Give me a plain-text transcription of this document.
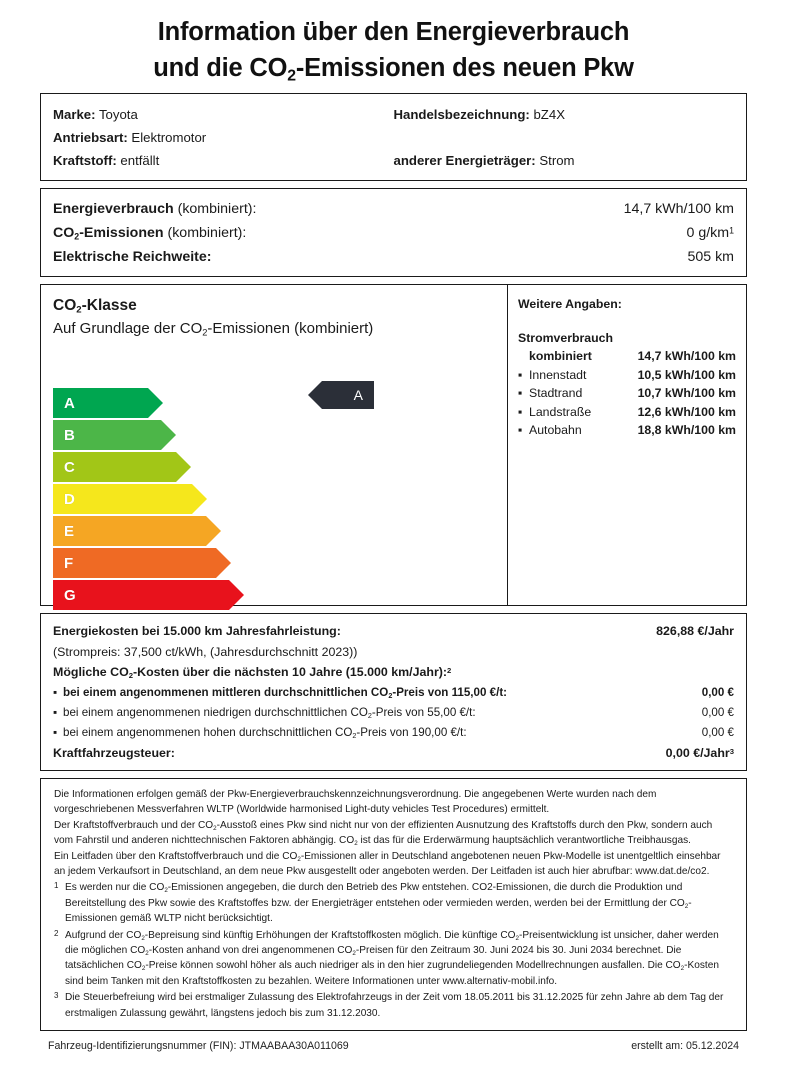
Information über den Energieverbrauch
und die $CO_2$-Emissionen des neuen Pkw
Marke: Toyota	Handelsbezeichnung: bZ4X
Antriebsart: Elektromotor
Kraftstoff: entfällt	anderer Energieträger: Strom
Energieverbrauch (kombiniert):	14,7 kWh/100 km
$CO_2$-Emissionen (kombiniert):	0 $g/km^1$
Elektrische Reichweite:	505 km
$CO_2$-Klasse
Auf Grundlage der $CO_2$-Emissionen (kombiniert)
A
B
C
D
E
F
G
Weitere Angaben:
Stromverbrauch
kombiniert	14,7 kWh/100 km
▪ Innenstadt	10,5 kWh/100 km
▪ Stadtrand	10,7 kWh/100 km
▪ Landstraße	12,6 kWh/100 km
▪ Autobahn	18,8 kWh/100 km
A
Energiekosten bei 15.000 km Jahresfahrleistung:	826,88 €/Jahr
(Strompreis: 37,500 ct/kWh, (Jahresdurchschnitt 2023))
Mögliche $CO_2$-Kosten über die nächsten 10 Jahre (15.000 km/Jahr):$^2$
▪ bei einem angenommenen mittleren durchschnittlichen $CO_2$-Preis von 115,00 €/t:	0,00 €
▪ bei einem angenommenen niedrigen durchschnittlichen $CO_2$-Preis von 55,00 €/t:	0,00 €
▪ bei einem angenommenen hohen durchschnittlichen $CO_2$-Preis von 190,00 €/t:	0,00 €
Kraftfahrzeugsteuer:	0,00 €/Jahr$^3$

Die Informationen erfolgen gemäß der Pkw-Energieverbrauchskennzeichnungsverordnung. Die angegebenen Werte wurden nach dem vorgeschriebenen Messverfahren WLTP (Worldwide harmonised Light-duty vehicles Test Procedures) ermittelt.

Der Kraftstoffverbrauch und der $CO_2$-Ausstoß eines Pkw sind nicht nur von der effizienten Ausnutzung des Kraftstoffs durch den Pkw, sondern auch vom Fahrstil und anderen nichttechnischen Faktoren abhängig. $CO_2$ ist das für die Erderwärmung hauptsächlich verantwortliche Treibhausgas.

Ein Leitfaden über den Kraftstoffverbrauch und die $CO_2$-Emissionen aller in Deutschland angebotenen neuen Pkw-Modelle ist unentgeltlich einsehbar an jedem Verkaufsort in Deutschland, an dem neue Pkw ausgestellt oder angeboten werden. Der Leitfaden ist auch hier abrufbar: www.dat.de/co2.

1 Es werden nur die $CO_2$-Emissionen angegeben, die durch den Betrieb des Pkw entstehen. CO2-Emissionen, die durch die Produktion und Bereitstellung des Pkw sowie des Kraftstoffes bzw. der Energieträger entstehen oder vermieden werden, werden bei der Ermittlung der $CO_2$-Emissionen gemäß WLTP nicht berücksichtigt.
2 Aufgrund der $CO_2$-Bepreisung sind künftig Erhöhungen der Kraftstoffkosten möglich. Die künftige $CO_2$-Preisentwicklung ist unsicher, daher werden die möglichen $CO_2$-Kosten anhand von drei angenommenen $CO_2$-Preisen für den Zeitraum 30. Juni 2024 bis 30. Juni 2034 berechnet. Die tatsächlichen $CO_2$-Preise können sowohl höher als auch niedriger als in den hier zugrundeliegenden Modellrechnungen ausfallen. Die $CO_2$-Kosten sind beim Tanken mit den Kraftstoffkosten zu bezahlen. Weitere Informationen unter www.alternativ-mobil.info.
3 Die Steuerbefreiung wird bei erstmaliger Zulassung des Elektrofahrzeugs in der Zeit vom 18.05.2011 bis 31.12.2025 für zehn Jahre ab dem Tag der erstmaligen Zulassung gewährt, längstens jedoch bis zum 31.12.2030.
Fahrzeug-Identifizierungsnummer (FIN): JTMAABAA30A011069	erstellt am: 05.12.2024
